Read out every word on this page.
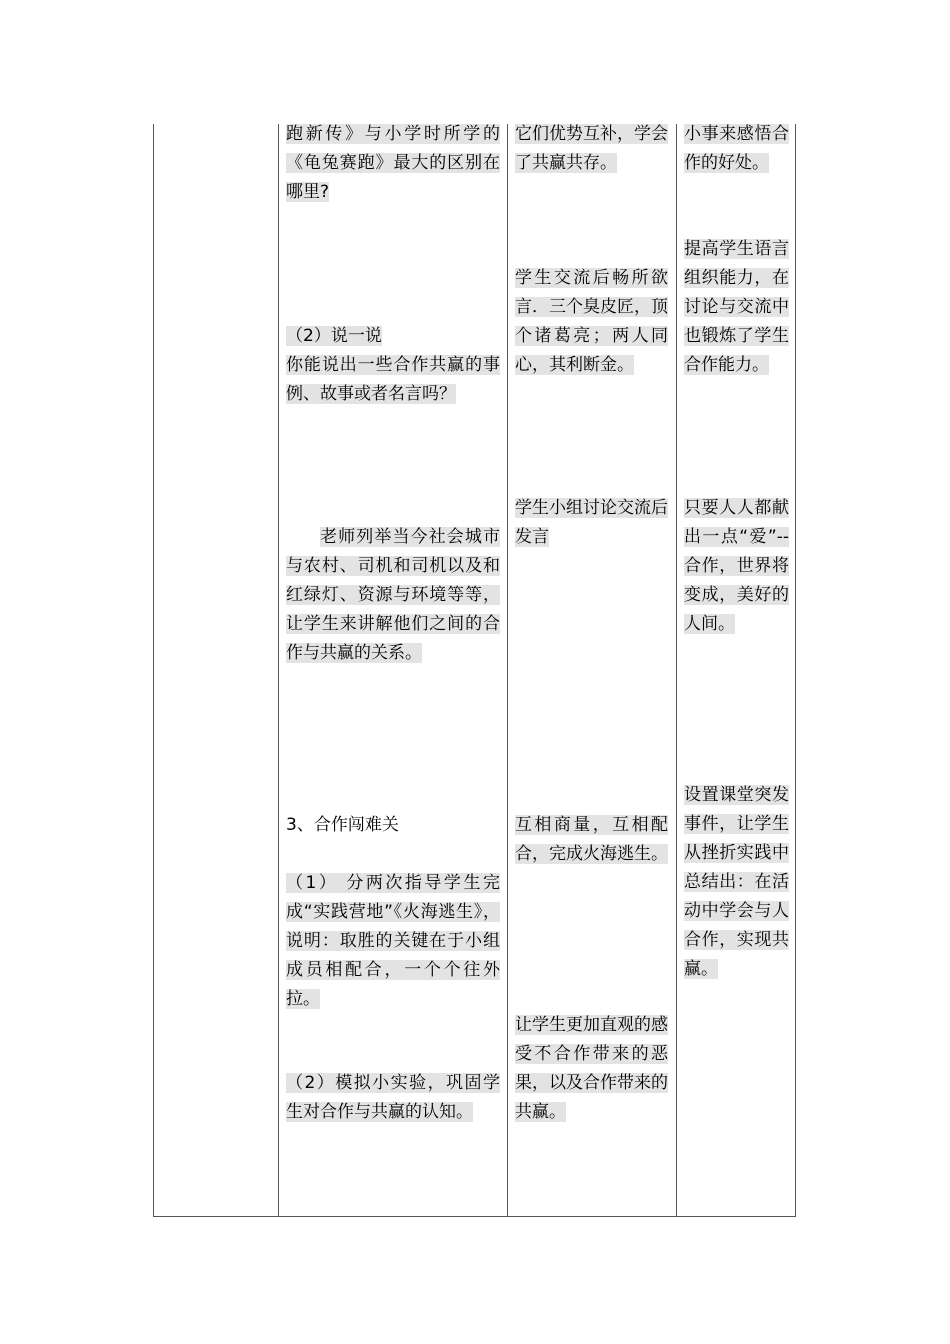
跑新传》与小学时所学的《龟兔赛跑》最大的区别在哪里?
（2）说一说
你能说出一些合作共赢的事例、故事或者名言吗？
老师列举当今社会城市与农村、司机和司机以及和红绿灯、资源与环境等等，让学生来讲解他们之间的合作与共赢的关系。
3、合作闯难关
（1） 分两次指导学生完成“实践营地”《火海逃生》，说明：取胜的关键在于小组成员相配合，一个个往外拉。
（2）模拟小实验，巩固学生对合作与共赢的认知。
它们优势互补，学会了共赢共存。
学生交流后畅所欲言．三个臭皮匠，顶个诸葛亮；两人同心，其利断金。
学生小组讨论交流后发言
互相商量，互相配合，完成火海逃生。
让学生更加直观的感受不合作带来的恶果，以及合作带来的共赢。
小事来感悟合作的好处。
提高学生语言组织能力，在讨论与交流中也锻炼了学生合作能力。
只要人人都献出一点“爱”--合作，世界将变成，美好的人间。
设置课堂突发事件，让学生从挫折实践中总结出：在活动中学会与人合作，实现共赢。
